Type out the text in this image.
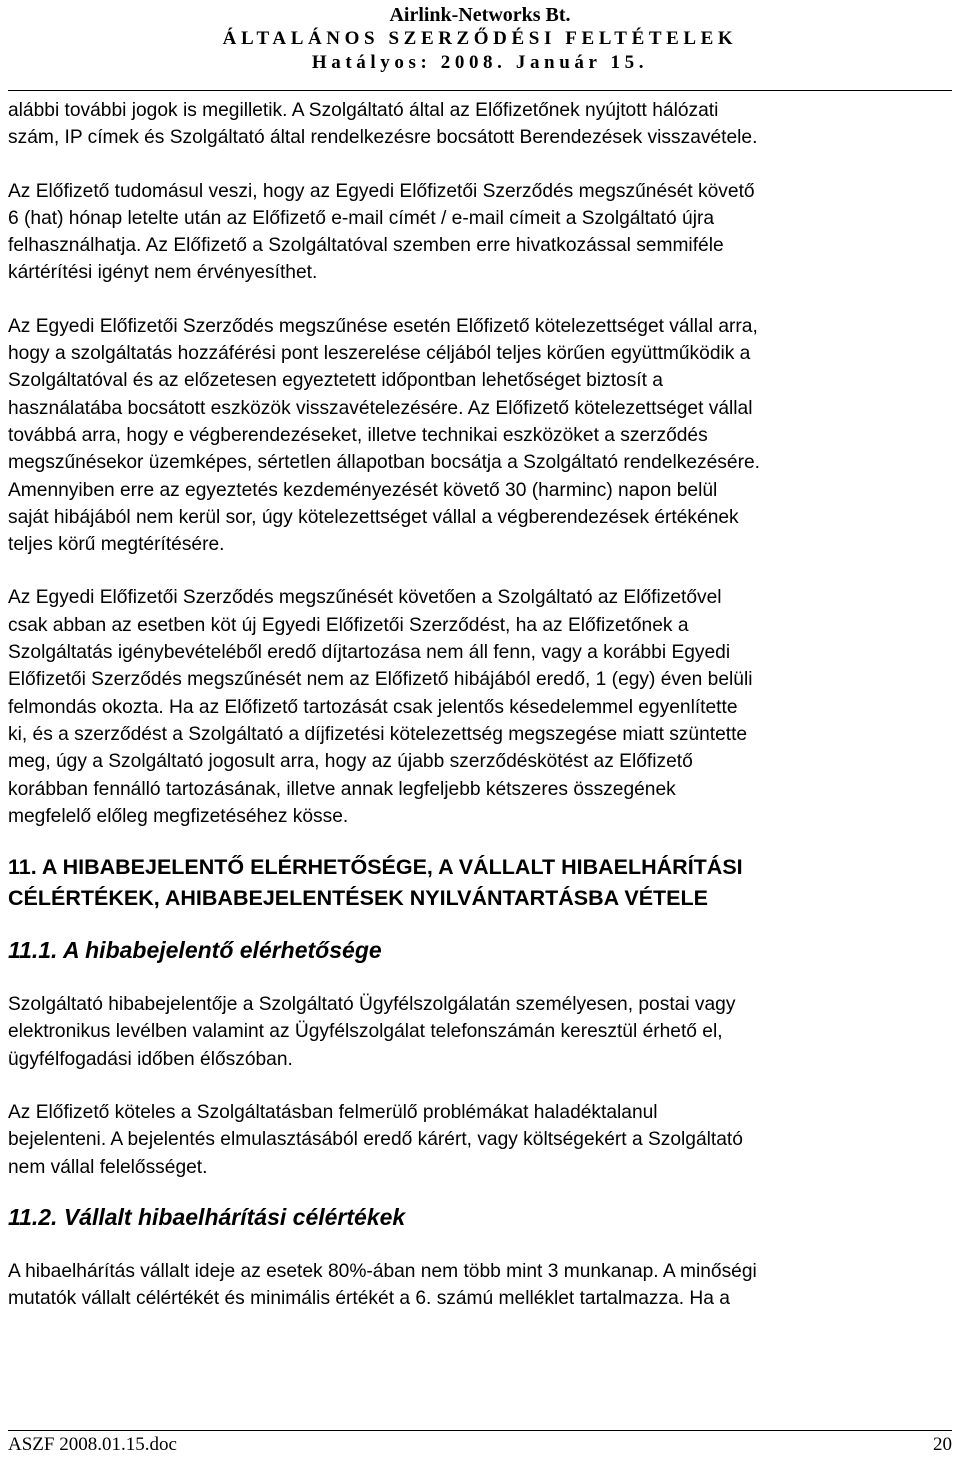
Airlink-Networks Bt.
ÁLTALÁNOS SZERZŐDÉSI FELTÉTELEK
Hatályos: 2008. Január 15.

alábbi további jogok is megilletik. A Szolgáltató által az Előfizetőnek nyújtott hálózati
szám, IP címek és Szolgáltató által rendelkezésre bocsátott Berendezések visszavétele.

Az Előfizető tudomásul veszi, hogy az Egyedi Előfizetői Szerződés megszűnését követő
6 (hat) hónap letelte után az Előfizető e-mail címét / e-mail címeit a Szolgáltató újra
felhasználhatja. Az Előfizető a Szolgáltatóval szemben erre hivatkozással semmiféle
kártérítési igényt nem érvényesíthet.

Az Egyedi Előfizetői Szerződés megszűnése esetén Előfizető kötelezettséget vállal arra,
hogy a szolgáltatás hozzáférési pont leszerelése céljából teljes körűen együttműködik a
Szolgáltatóval és az előzetesen egyeztetett időpontban lehetőséget biztosít a
használatába bocsátott eszközök visszavételezésére. Az Előfizető kötelezettséget vállal
továbbá arra, hogy e végberendezéseket, illetve technikai eszközöket a szerződés
megszűnésekor üzemképes, sértetlen állapotban bocsátja a Szolgáltató rendelkezésére.
Amennyiben erre az egyeztetés kezdeményezését követő 30 (harminc) napon belül
saját hibájából nem kerül sor, úgy kötelezettséget vállal a végberendezések értékének
teljes körű megtérítésére.

Az Egyedi Előfizetői Szerződés megszűnését követően a Szolgáltató az Előfizetővel
csak abban az esetben köt új Egyedi Előfizetői Szerződést, ha az Előfizetőnek a
Szolgáltatás igénybevételéből eredő díjtartozása nem áll fenn, vagy a korábbi Egyedi
Előfizetői Szerződés megszűnését nem az Előfizető hibájából eredő, 1 (egy) éven belüli
felmondás okozta. Ha az Előfizető tartozását csak jelentős késedelemmel egyenlítette
ki, és a szerződést a Szolgáltató a díjfizetési kötelezettség megszegése miatt szüntette
meg, úgy a Szolgáltató jogosult arra, hogy az újabb szerződéskötést az Előfizető
korábban fennálló tartozásának, illetve annak legfeljebb kétszeres összegének
megfelelő előleg megfizetéséhez kösse.

11. A HIBABEJELENTŐ ELÉRHETŐSÉGE, A VÁLLALT HIBAELHÁRÍTÁSI
CÉLÉRTÉKEK, AHIBABEJELENTÉSEK NYILVÁNTARTÁSBA VÉTELE
11.1. A hibabejelentő elérhetősége

Szolgáltató hibabejelentője a Szolgáltató Ügyfélszolgálatán személyesen, postai vagy
elektronikus levélben valamint az Ügyfélszolgálat telefonszámán keresztül érhető el,
ügyfélfogadási időben élőszóban.

Az Előfizető köteles a Szolgáltatásban felmerülő problémákat haladéktalanul
bejelenteni. A bejelentés elmulasztásából eredő kárért, vagy költségekért a Szolgáltató
nem vállal felelősséget.

11.2. Vállalt hibaelhárítási célértékek

A hibaelhárítás vállalt ideje az esetek 80%-ában nem több mint 3 munkanap. A minőségi
mutatók vállalt célértékét és minimális értékét a 6. számú melléklet tartalmazza. Ha a

ASZF 2008.01.15.doc	20
